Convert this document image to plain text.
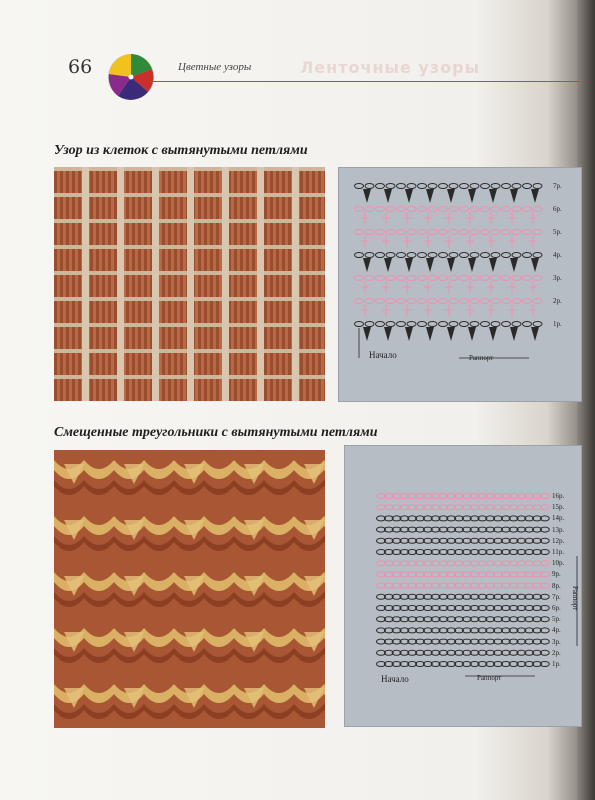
66	Цветные узоры	Ленточные узоры
Узор из клеток с вытянутыми петлями
Начало	Раппорт
7р.
6р.
5р.
4р.
3р.
2р.
1р.
Смещенные треугольники с вытянутыми петлями
Начало	Раппорт
Раппорт
16р.
15р.
14р.
13р.
12р.
11р.
10р.
9р.
8р.
7р.
6р.
5р.
4р.
3р.
2р.
1р.
